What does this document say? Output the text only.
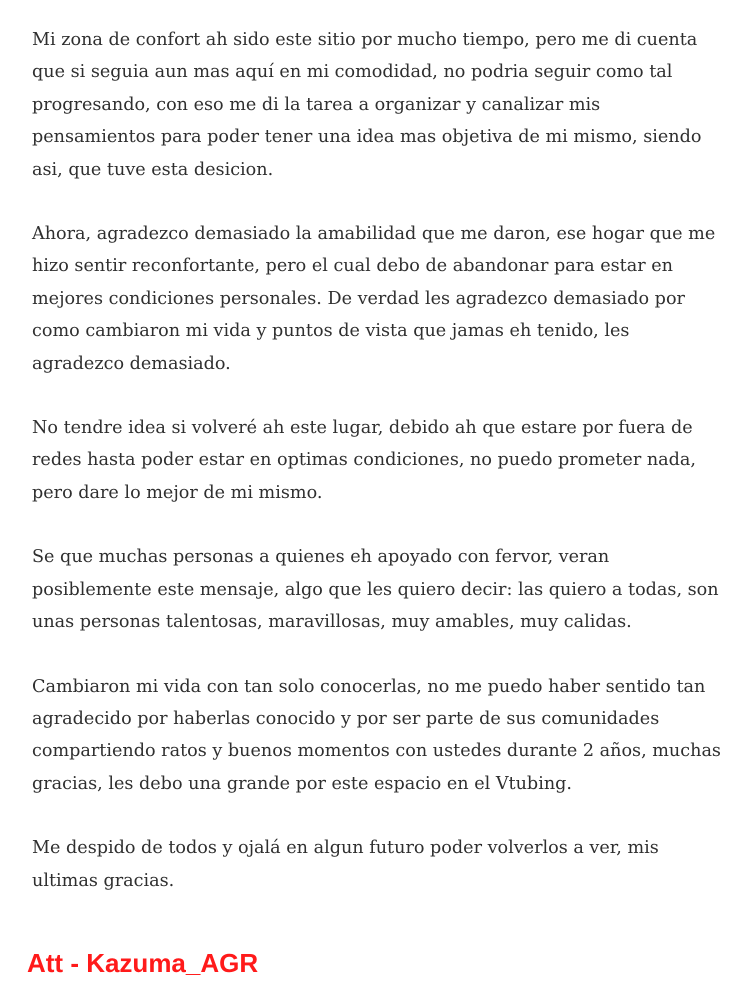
Mi zona de confort ah sido este sitio por mucho tiempo, pero me di cuenta que si seguia aun mas aquí en mi comodidad, no podria seguir como tal progresando, con eso me di la tarea a organizar y canalizar mis pensamientos para poder tener una idea mas objetiva de mi mismo, siendo asi, que tuve esta desicion.

Ahora, agradezco demasiado la amabilidad que me daron, ese hogar que me hizo sentir reconfortante, pero el cual debo de abandonar para estar en mejores condiciones personales. De verdad les agradezco demasiado por como cambiaron mi vida y puntos de vista que jamas eh tenido, les agradezco demasiado.

No tendre idea si volveré ah este lugar, debido ah que estare por fuera de redes hasta poder estar en optimas condiciones, no puedo prometer nada, pero dare lo mejor de mi mismo.

Se que muchas personas a quienes eh apoyado con fervor, veran posiblemente este mensaje, algo que les quiero decir: las quiero a todas, son unas personas talentosas, maravillosas, muy amables, muy calidas.

Cambiaron mi vida con tan solo conocerlas, no me puedo haber sentido tan agradecido por haberlas conocido y por ser parte de sus comunidades compartiendo ratos y buenos momentos con ustedes durante 2 años, muchas gracias, les debo una grande por este espacio en el Vtubing.

Me despido de todos y ojalá en algun futuro poder volverlos a ver, mis ultimas gracias.

Att - Kazuma_AGR
